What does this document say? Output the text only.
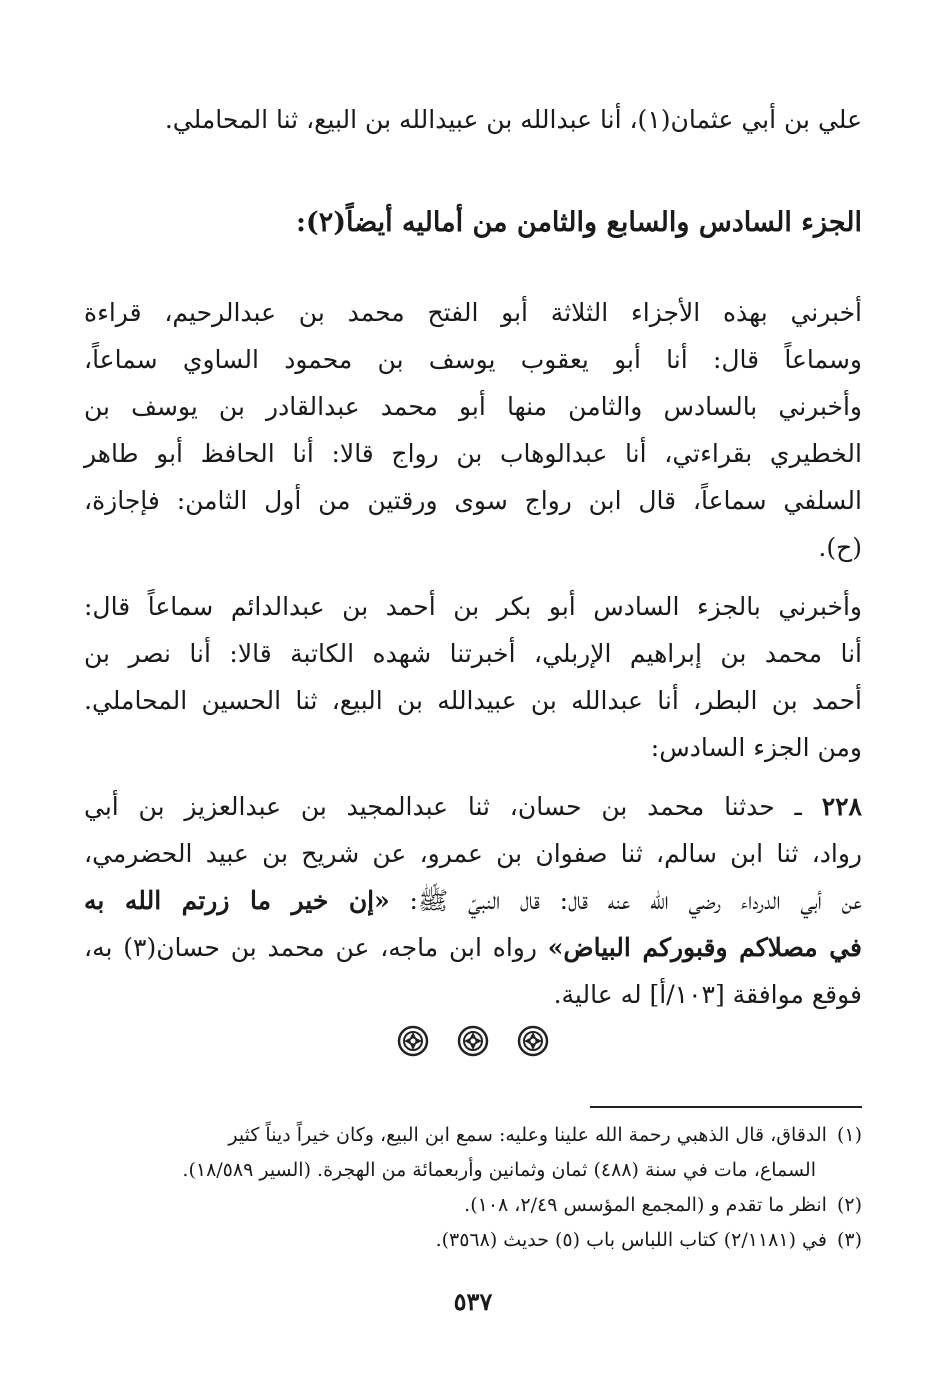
علي بن أبي عثمان(١)، أنا عبدالله بن عبيدالله بن البيع، ثنا المحاملي.
الجزء السادس والسابع والثامن من أماليه أيضاً(٢):
أخبرني بهذه الأجزاء الثلاثة أبو الفتح محمد بن عبدالرحيم، قراءة
وسماعاً قال: أنا أبو يعقوب يوسف بن محمود الساوي سماعاً،
وأخبرني بالسادس والثامن منها أبو محمد عبدالقادر بن يوسف بن
الخطيري بقراءتي، أنا عبدالوهاب بن رواج قالا: أنا الحافظ أبو طاهر
السلفي سماعاً، قال ابن رواج سوى ورقتين من أول الثامن: فإجازة،
(ح).
وأخبرني بالجزء السادس أبو بكر بن أحمد بن عبدالدائم سماعاً قال:
أنا محمد بن إبراهيم الإربلي، أخبرتنا شهده الكاتبة قالا: أنا نصر بن
أحمد بن البطر، أنا عبدالله بن عبيدالله بن البيع، ثنا الحسين المحاملي.
ومن الجزء السادس:
٢٢٨ ـ حدثنا محمد بن حسان، ثنا عبدالمجيد بن عبدالعزيز بن أبي
رواد، ثنا ابن سالم، ثنا صفوان بن عمرو، عن شريح بن عبيد الحضرمي،
عن أبي الدرداء رضي الله عنه قال: قال النبيّ ﷺ: «إن خير ما زرتم الله به
في مصلاكم وقبوركم البياض» رواه ابن ماجه، عن محمد بن حسان(٣) به،
فوقع موافقة [١٠٣/أ] له عالية.
(١)الدقاق، قال الذهبي رحمة الله علينا وعليه: سمع ابن البيع، وكان خيراً ديناً كثير
السماع، مات في سنة (٤٨٨) ثمان وثمانين وأربعمائة من الهجرة. (السير ١٨/٥٨٩).
(٢)انظر ما تقدم و (المجمع المؤسس ٢/٤٩، ١٠٨).
(٣)في (٢/١١٨١) كتاب اللباس باب (٥) حديث (٣٥٦٨).
٥٣٧
